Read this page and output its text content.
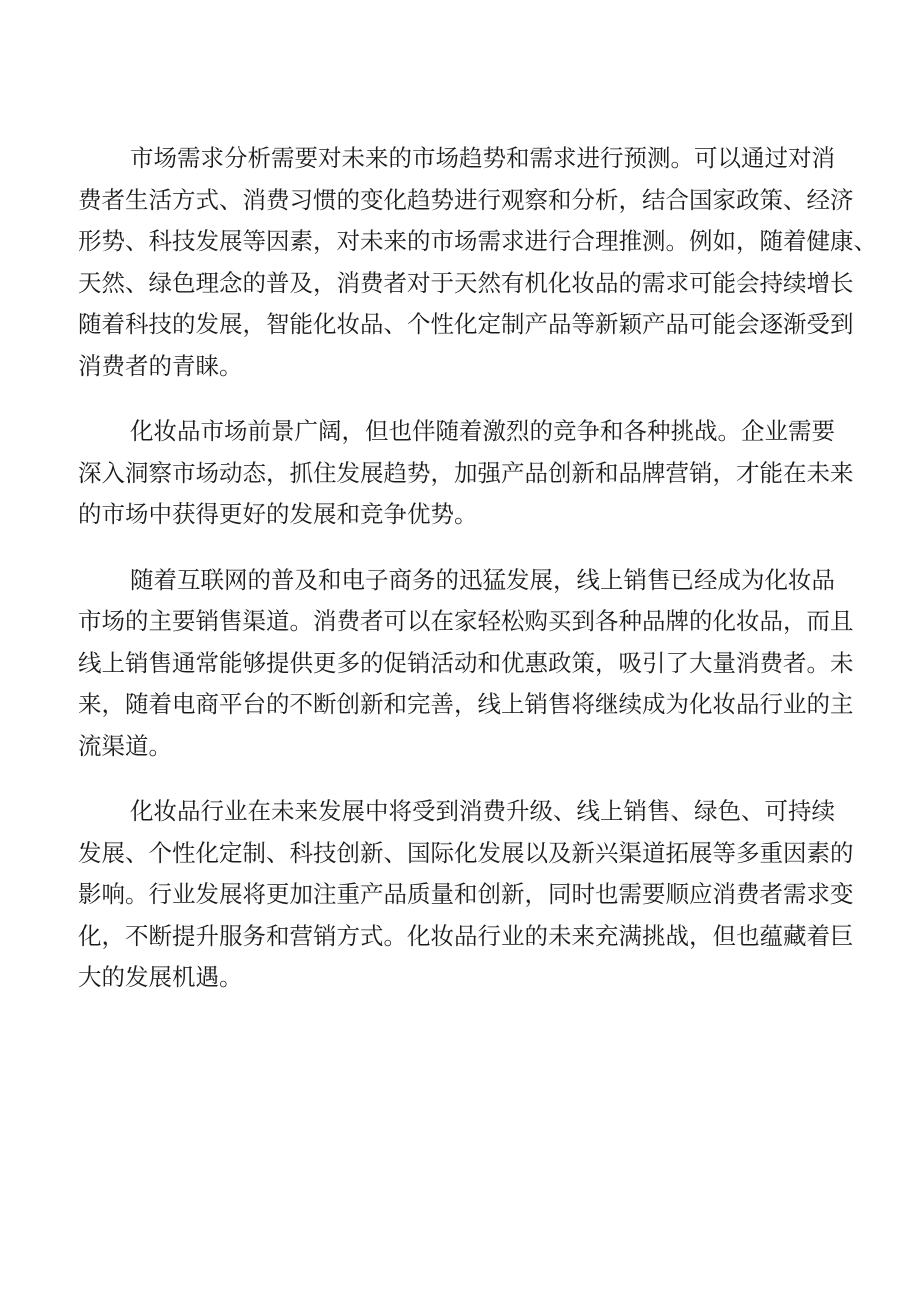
市场需求分析需要对未来的市场趋势和需求进行预测。可以通过对消
费者生活方式、消费习惯的变化趋势进行观察和分析，结合国家政策、经济
形势、科技发展等因素，对未来的市场需求进行合理推测。例如，随着健康、
天然、绿色理念的普及，消费者对于天然有机化妆品的需求可能会持续增长
随着科技的发展，智能化妆品、个性化定制产品等新颖产品可能会逐渐受到
消费者的青睐。

化妆品市场前景广阔，但也伴随着激烈的竞争和各种挑战。企业需要
深入洞察市场动态，抓住发展趋势，加强产品创新和品牌营销，才能在未来
的市场中获得更好的发展和竞争优势。

随着互联网的普及和电子商务的迅猛发展，线上销售已经成为化妆品
市场的主要销售渠道。消费者可以在家轻松购买到各种品牌的化妆品，而且
线上销售通常能够提供更多的促销活动和优惠政策，吸引了大量消费者。未
来，随着电商平台的不断创新和完善，线上销售将继续成为化妆品行业的主
流渠道。

化妆品行业在未来发展中将受到消费升级、线上销售、绿色、可持续
发展、个性化定制、科技创新、国际化发展以及新兴渠道拓展等多重因素的
影响。行业发展将更加注重产品质量和创新，同时也需要顺应消费者需求变
化，不断提升服务和营销方式。化妆品行业的未来充满挑战，但也蕴藏着巨
大的发展机遇。
